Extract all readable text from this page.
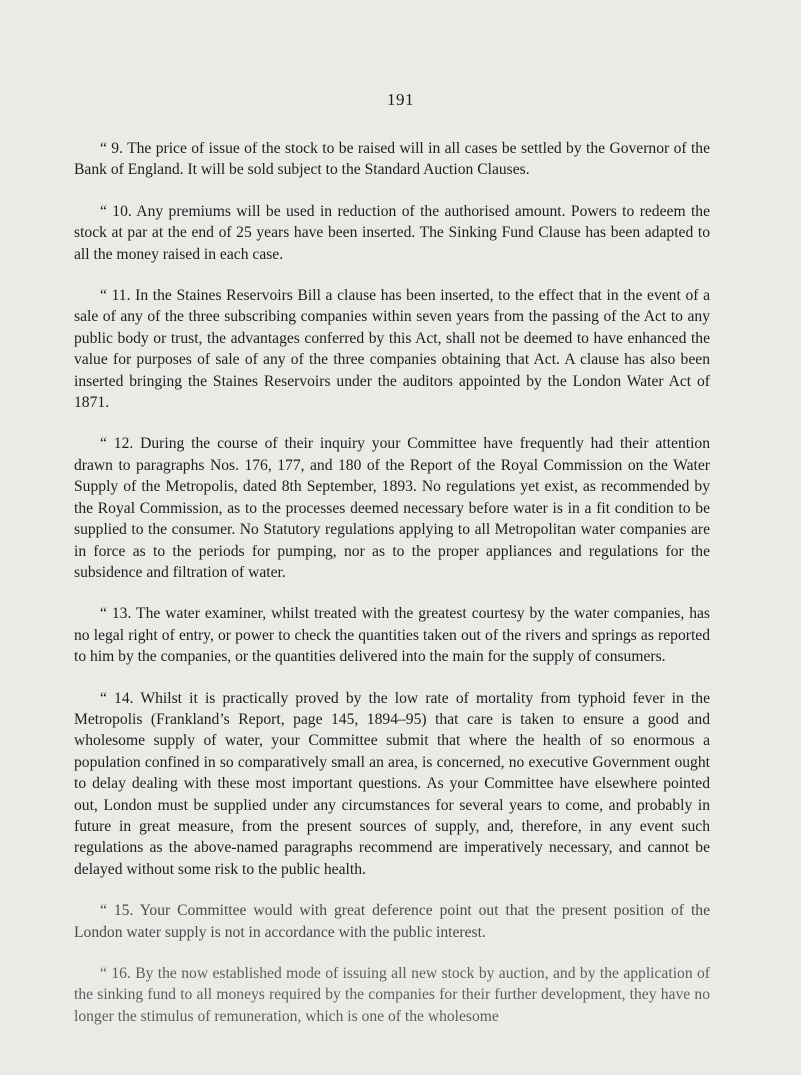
191

“ 9. The price of issue of the stock to be raised will in all cases be settled by the Governor of the Bank of England. It will be sold subject to the Standard Auction Clauses.

“ 10. Any premiums will be used in reduction of the authorised amount. Powers to redeem the stock at par at the end of 25 years have been inserted. The Sinking Fund Clause has been adapted to all the money raised in each case.

“ 11. In the Staines Reservoirs Bill a clause has been inserted, to the effect that in the event of a sale of any of the three subscribing companies within seven years from the passing of the Act to any public body or trust, the advantages conferred by this Act, shall not be deemed to have enhanced the value for purposes of sale of any of the three companies obtaining that Act. A clause has also been inserted bringing the Staines Reservoirs under the auditors appointed by the London Water Act of 1871.

“ 12. During the course of their inquiry your Committee have frequently had their attention drawn to paragraphs Nos. 176, 177, and 180 of the Report of the Royal Commission on the Water Supply of the Metropolis, dated 8th September, 1893. No regulations yet exist, as recommended by the Royal Commission, as to the processes deemed necessary before water is in a fit condition to be supplied to the consumer. No Statutory regulations applying to all Metropolitan water companies are in force as to the periods for pumping, nor as to the proper appliances and regulations for the subsidence and filtration of water.

“ 13. The water examiner, whilst treated with the greatest courtesy by the water companies, has no legal right of entry, or power to check the quantities taken out of the rivers and springs as reported to him by the companies, or the quantities delivered into the main for the supply of consumers.

“ 14. Whilst it is practically proved by the low rate of mortality from typhoid fever in the Metropolis (Frankland’s Report, page 145, 1894–95) that care is taken to ensure a good and wholesome supply of water, your Committee submit that where the health of so enormous a population confined in so comparatively small an area, is concerned, no executive Government ought to delay dealing with these most important questions. As your Committee have elsewhere pointed out, London must be supplied under any circumstances for several years to come, and probably in future in great measure, from the present sources of supply, and, therefore, in any event such regulations as the above-named paragraphs recommend are imperatively necessary, and cannot be delayed without some risk to the public health.

“ 15. Your Committee would with great deference point out that the present position of the London water supply is not in accordance with the public interest.

“ 16. By the now established mode of issuing all new stock by auction, and by the application of the sinking fund to all moneys required by the companies for their further development, they have no longer the stimulus of remuneration, which is one of the wholesome
